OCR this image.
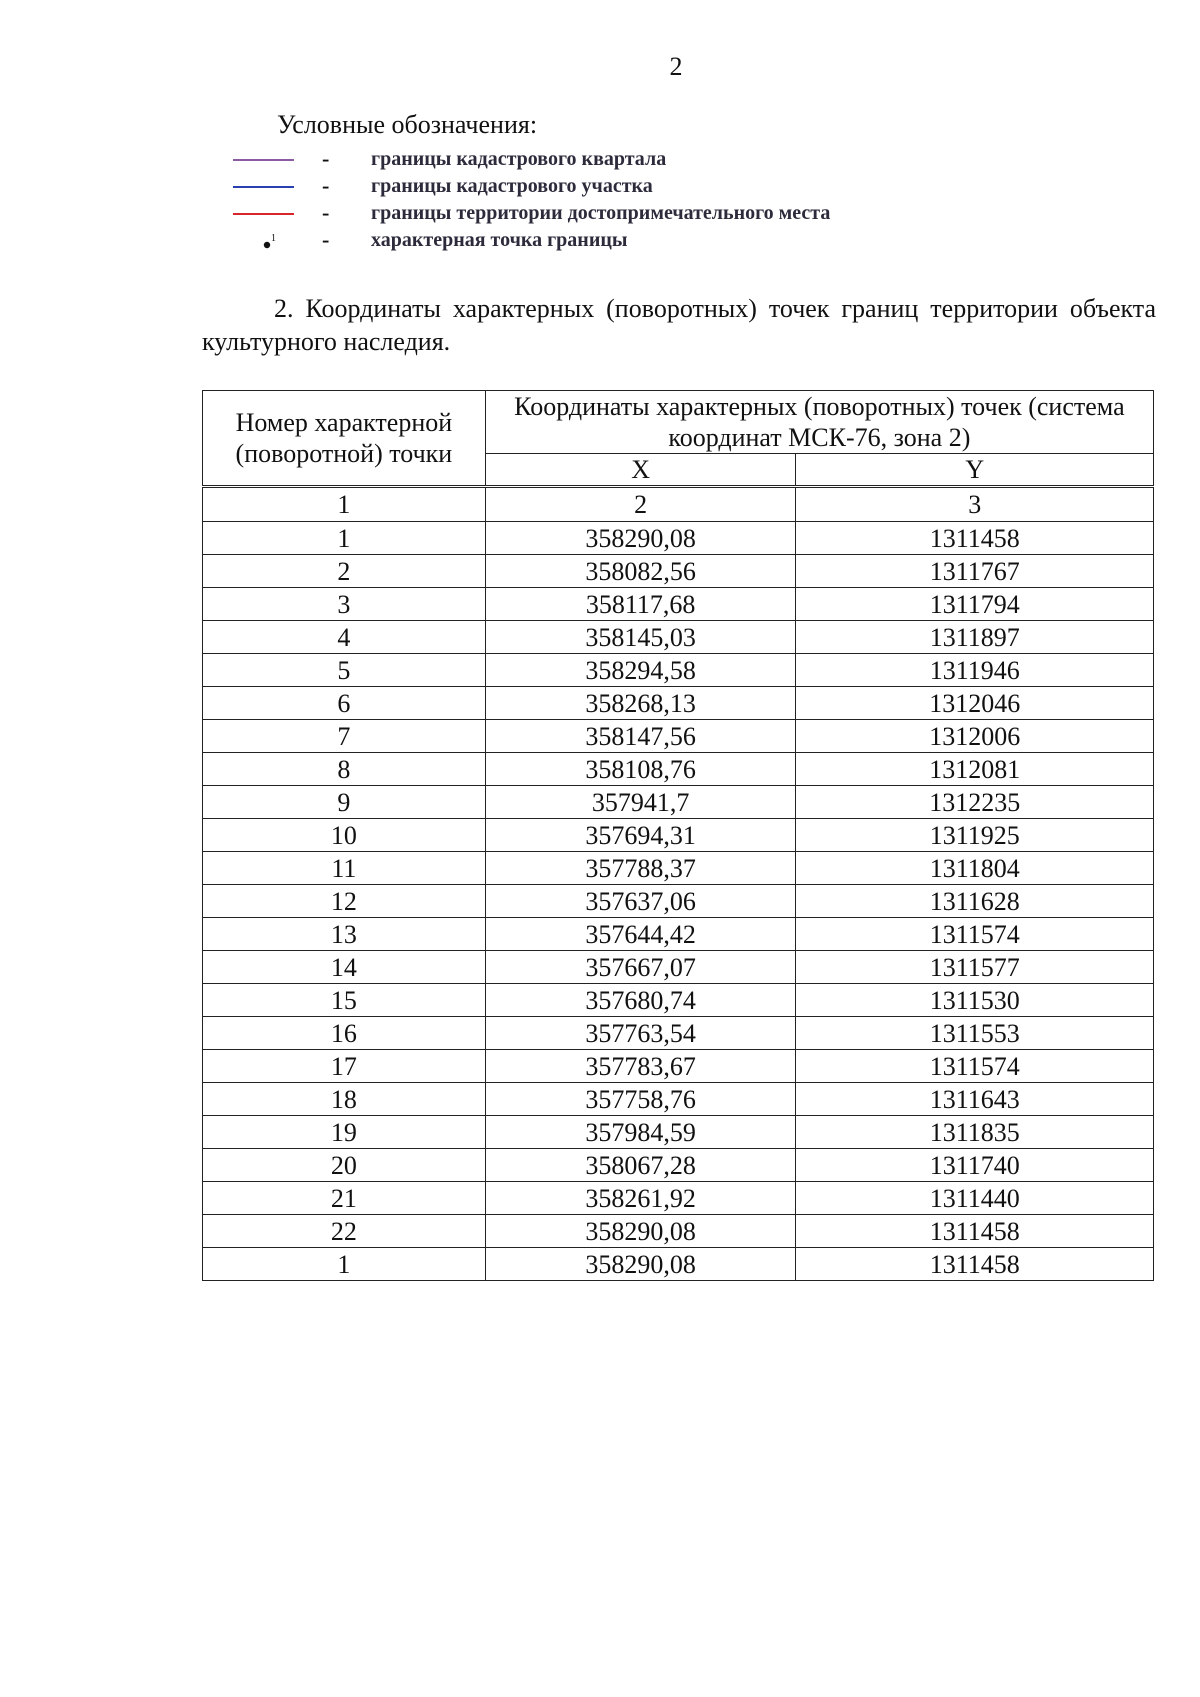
2
Условные обозначения:
- границы кадастрового квартала
- границы кадастрового участка
- границы территории достопримечательного места
1 - характерная точка границы
2. Координаты характерных (поворотных) точек границ территории объекта культурного наследия.
Номер характерной (поворотной) точки	Координаты характерных (поворотных) точек (система координат МСК-76, зона 2)	
	X	Y
1	2	3
1	358290,08	1311458
2	358082,56	1311767
3	358117,68	1311794
4	358145,03	1311897
5	358294,58	1311946
6	358268,13	1312046
7	358147,56	1312006
8	358108,76	1312081
9	357941,7	1312235
10	357694,31	1311925
11	357788,37	1311804
12	357637,06	1311628
13	357644,42	1311574
14	357667,07	1311577
15	357680,74	1311530
16	357763,54	1311553
17	357783,67	1311574
18	357758,76	1311643
19	357984,59	1311835
20	358067,28	1311740
21	358261,92	1311440
22	358290,08	1311458
1	358290,08	1311458
